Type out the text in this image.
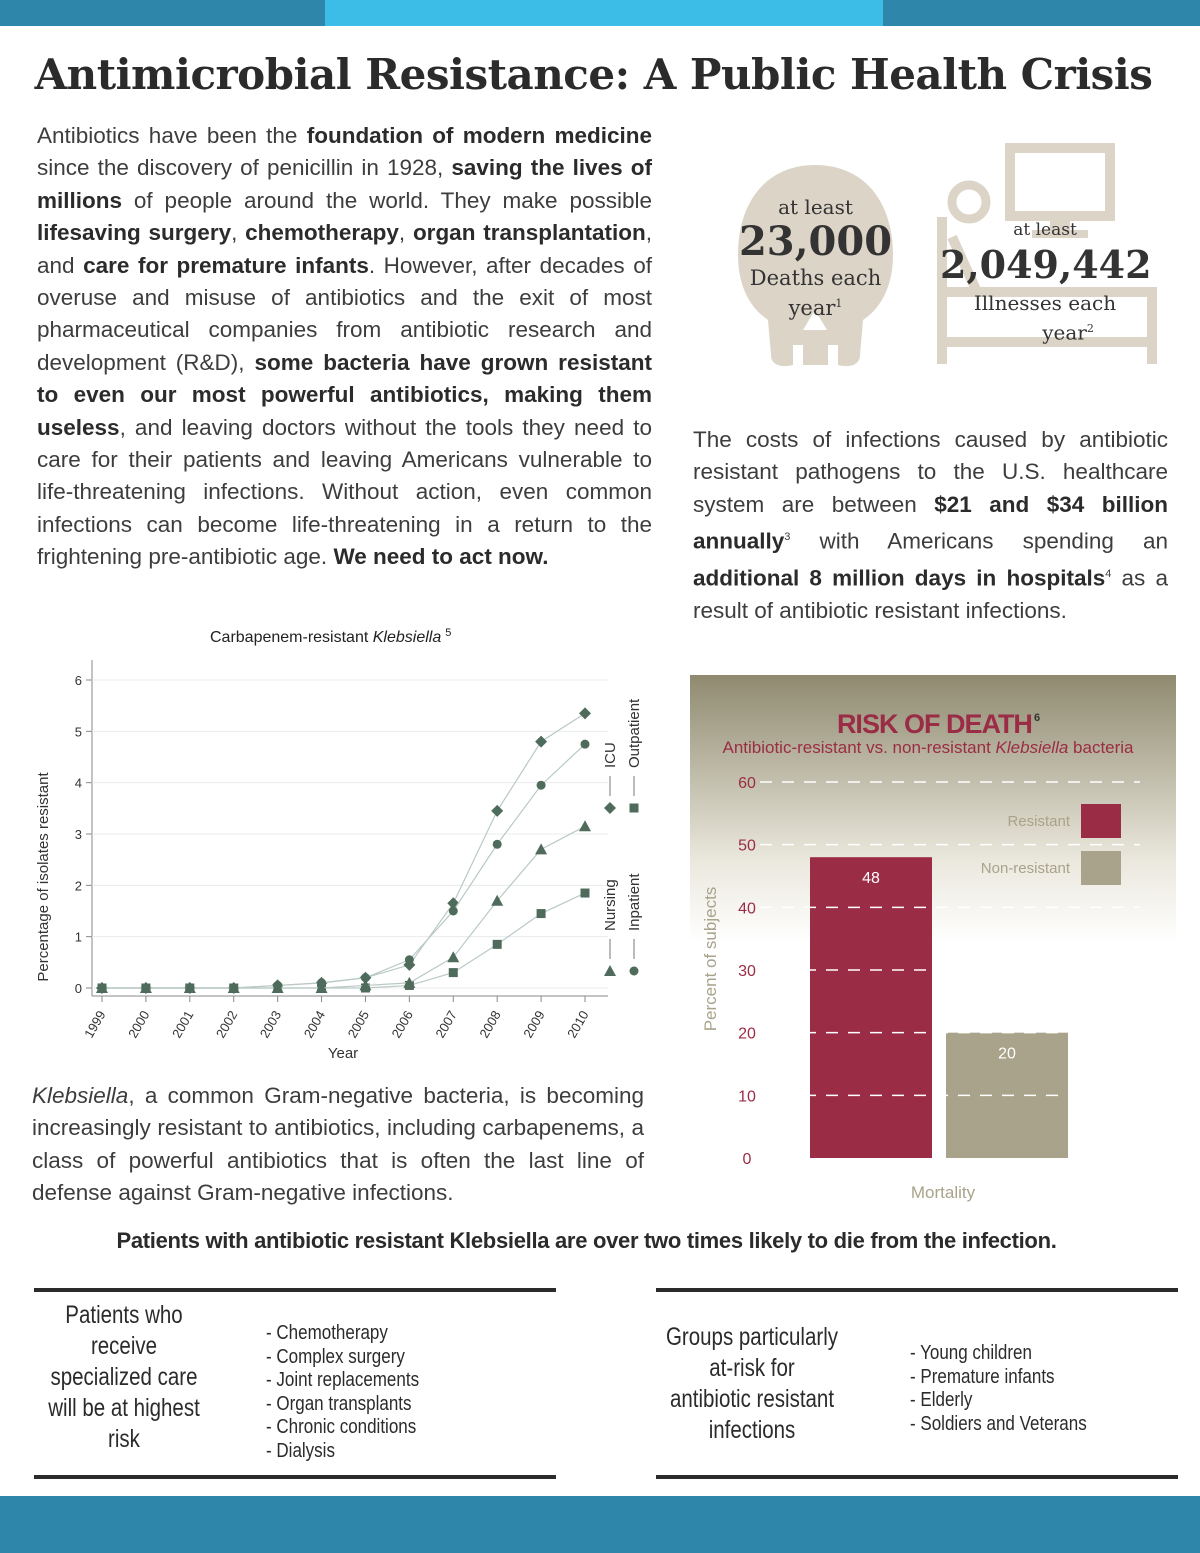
Antimicrobial Resistance: A Public Health Crisis
Antibiotics have been the foundation of modern medicine since the discovery of penicillin in 1928, saving the lives of millions of people around the world. They make possible lifesaving surgery, chemotherapy, organ transplantation, and care for premature infants. However, after decades of overuse and misuse of antibiotics and the exit of most pharmaceutical companies from antibiotic research and development (R&D), some bacteria have grown resistant to even our most powerful antibiotics, making them useless, and leaving doctors without the tools they need to care for their patients and leaving Americans vulnerable to life-threatening infections. Without action, even common infections can become life-threatening in a return to the frightening pre-antibiotic age. We need to act now.
at least
23,000
Deaths each
year$^1$
at least
2,049,442
Illnesses each
year$^2$
The costs of infections caused by antibiotic resistant pathogens to the U.S. healthcare system are between $21 and $34 billion annually$^3$ with Americans spending an additional 8 million days in hospitals$^4$ as a result of antibiotic resistant infections.
Carbapenem-resistant Klebsiella $^5$
Percentage of isolates resistant
Year
0
1
2
3
4
5
6
1999 2000 2001 2002 2003 2004 2005 2006 2007 2008 2009 2010
ICU Outpatient
Nursing Inpatient
Klebsiella, a common Gram-negative bacteria, is becoming increasingly resistant to antibiotics, including carbapenems, a class of powerful antibiotics that is often the last line of defense against Gram-negative infections.
RISK OF DEATH $^6$
Antibiotic-resistant vs. non-resistant Klebsiella bacteria
Percent of subjects
Mortality
0
10
20
30
40
50
60
48
20
Resistant
Non-resistant
Patients with antibiotic resistant Klebsiella are over two times likely to die from the infection.
Patients who
receive
specialized care
will be at highest
risk
- Chemotherapy
- Complex surgery
- Joint replacements
- Organ transplants
- Chronic conditions
- Dialysis
Groups particularly
at-risk for
antibiotic resistant
infections
- Young children
- Premature infants
- Elderly
- Soldiers and Veterans
